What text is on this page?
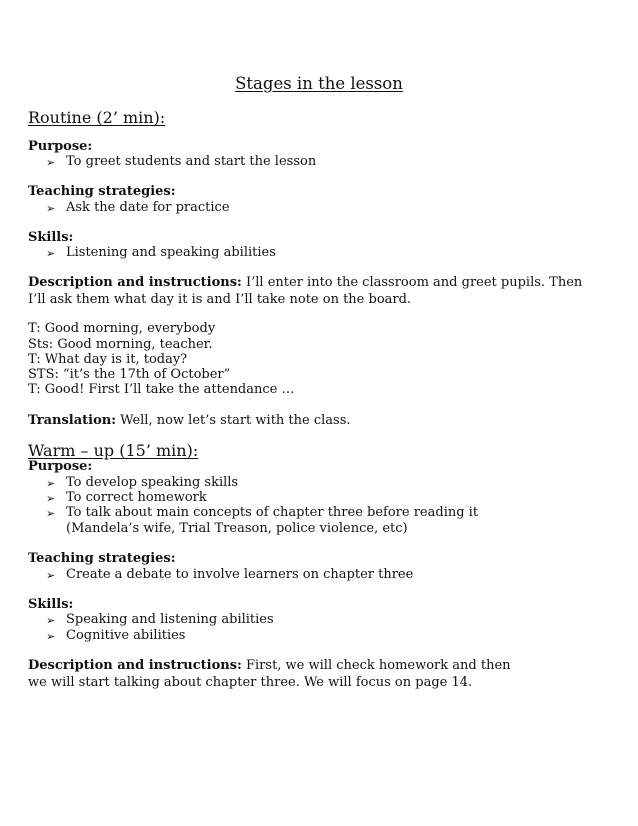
Stages in the lesson
Routine (2’ min):
Purpose:
➢ To greet students and start the lesson
Teaching strategies:
➢ Ask the date for practice
Skills:
➢ Listening and speaking abilities
Description and instructions: I’ll enter into the classroom and greet pupils. Then I’ll ask them what day it is and I’ll take note on the board.
T: Good morning, everybody
Sts: Good morning, teacher.
T: What day is it, today?
STS: “it’s the 17th of October”
T: Good! First I’ll take the attendance …
Translation: Well, now let’s start with the class.
Warm – up (15’ min):
Purpose:
➢ To develop speaking skills
➢ To correct homework
➢ To talk about main concepts of chapter three before reading it (Mandela’s wife, Trial Treason, police violence, etc)
Teaching strategies:
➢ Create a debate to involve learners on chapter three
Skills:
➢ Speaking and listening abilities
➢ Cognitive abilities
Description and instructions: First, we will check homework and then we will start talking about chapter three. We will focus on page 14.
